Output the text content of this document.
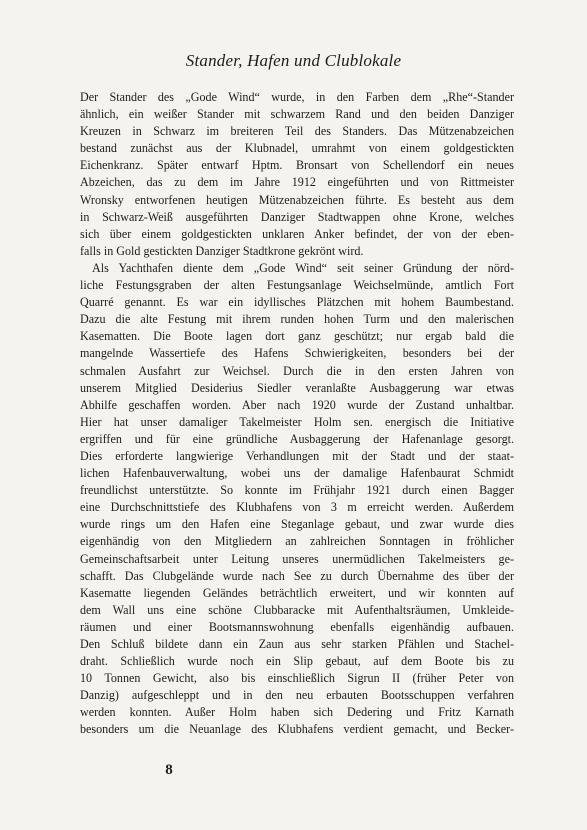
Stander, Hafen und Clublokale
Der Stander des „Gode Wind“ wurde, in den Farben dem „Rhe“-Stander
ähnlich, ein weißer Stander mit schwarzem Rand und den beiden Danziger
Kreuzen in Schwarz im breiteren Teil des Standers. Das Mützenabzeichen
bestand zunächst aus der Klubnadel, umrahmt von einem goldgestickten
Eichenkranz. Später entwarf Hptm. Bronsart von Schellendorf ein neues
Abzeichen, das zu dem im Jahre 1912 eingeführten und von Rittmeister
Wronsky entworfenen heutigen Mützenabzeichen führte. Es besteht aus dem
in Schwarz-Weiß ausgeführten Danziger Stadtwappen ohne Krone, welches
sich über einem goldgestickten unklaren Anker befindet, der von der eben-
falls in Gold gestickten Danziger Stadtkrone gekrönt wird.
Als Yachthafen diente dem „Gode Wind“ seit seiner Gründung der nörd-
liche Festungsgraben der alten Festungsanlage Weichselmünde, amtlich Fort
Quarré genannt. Es war ein idyllisches Plätzchen mit hohem Baumbestand.
Dazu die alte Festung mit ihrem runden hohen Turm und den malerischen
Kasematten. Die Boote lagen dort ganz geschützt; nur ergab bald die
mangelnde Wassertiefe des Hafens Schwierigkeiten, besonders bei der
schmalen Ausfahrt zur Weichsel. Durch die in den ersten Jahren von
unserem Mitglied Desiderius Siedler veranlaßte Ausbaggerung war etwas
Abhilfe geschaffen worden. Aber nach 1920 wurde der Zustand unhaltbar.
Hier hat unser damaliger Takelmeister Holm sen. energisch die Initiative
ergriffen und für eine gründliche Ausbaggerung der Hafenanlage gesorgt.
Dies erforderte langwierige Verhandlungen mit der Stadt und der staat-
lichen Hafenbauverwaltung, wobei uns der damalige Hafenbaurat Schmidt
freundlichst unterstützte. So konnte im Frühjahr 1921 durch einen Bagger
eine Durchschnittstiefe des Klubhafens von 3 m erreicht werden. Außerdem
wurde rings um den Hafen eine Steganlage gebaut, und zwar wurde dies
eigenhändig von den Mitgliedern an zahlreichen Sonntagen in fröhlicher
Gemeinschaftsarbeit unter Leitung unseres unermüdlichen Takelmeisters ge-
schafft. Das Clubgelände wurde nach See zu durch Übernahme des über der
Kasematte liegenden Geländes beträchtlich erweitert, und wir konnten auf
dem Wall uns eine schöne Clubbaracke mit Aufenthaltsräumen, Umkleide-
räumen und einer Bootsmannswohnung ebenfalls eigenhändig aufbauen.
Den Schluß bildete dann ein Zaun aus sehr starken Pfählen und Stachel-
draht. Schließlich wurde noch ein Slip gebaut, auf dem Boote bis zu
10 Tonnen Gewicht, also bis einschließlich Sigrun II (früher Peter von
Danzig) aufgeschleppt und in den neu erbauten Bootsschuppen verfahren
werden konnten. Außer Holm haben sich Dedering und Fritz Karnath
besonders um die Neuanlage des Klubhafens verdient gemacht, und Becker-
8
